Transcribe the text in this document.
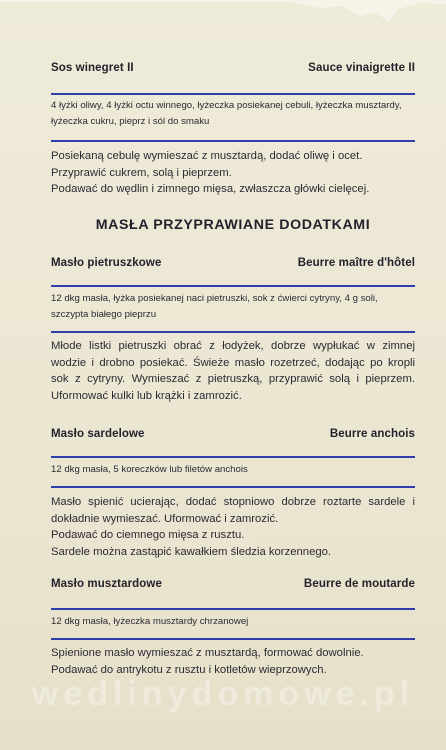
Sos winegret II	Sauce vinaigrette II
4 łyżki oliwy, 4 łyżki octu winnego, łyżeczka posiekanej cebuli, łyżeczka musztardy, łyżeczka cukru, pieprz i sól do smaku

Posiekaną cebulę wymieszać z musztardą, dodać oliwę i ocet.

Przyprawić cukrem, solą i pieprzem.

Podawać do wędlin i zimnego mięsa, zwłaszcza główki cielęcej.

MASŁA PRZYPRAWIANE DODATKAMI
Masło pietruszkowe	Beurre maître d'hôtel
12 dkg masła, łyżka posiekanej naci pietruszki, sok z ćwierci cytryny, 4 g soli, szczypta białego pieprzu

Młode listki pietruszki obrać z łodyżek, dobrze wypłukać w zimnej wodzie i drobno posiekać. Świeże masło rozetrzeć, dodając po kropli sok z cytryny. Wymieszać z pietruszką, przyprawić solą i pieprzem. Uformować kulki lub krążki i zamrozić.

Masło sardelowe	Beurre anchois
12 dkg masła, 5 koreczków lub filetów anchois

Masło spienić ucierając, dodać stopniowo dobrze roztarte sardele i dokładnie wymieszać. Uformować i zamrozić.

Podawać do ciemnego mięsa z rusztu.

Sardele można zastąpić kawałkiem śledzia korzennego.

Masło musztardowe	Beurre de moutarde
12 dkg masła, łyżeczka musztardy chrzanowej

Spienione masło wymieszać z musztardą, formować dowolnie.

Podawać do antrykotu z rusztu i kotletów wieprzowych.

wedlinydomowe.pl
